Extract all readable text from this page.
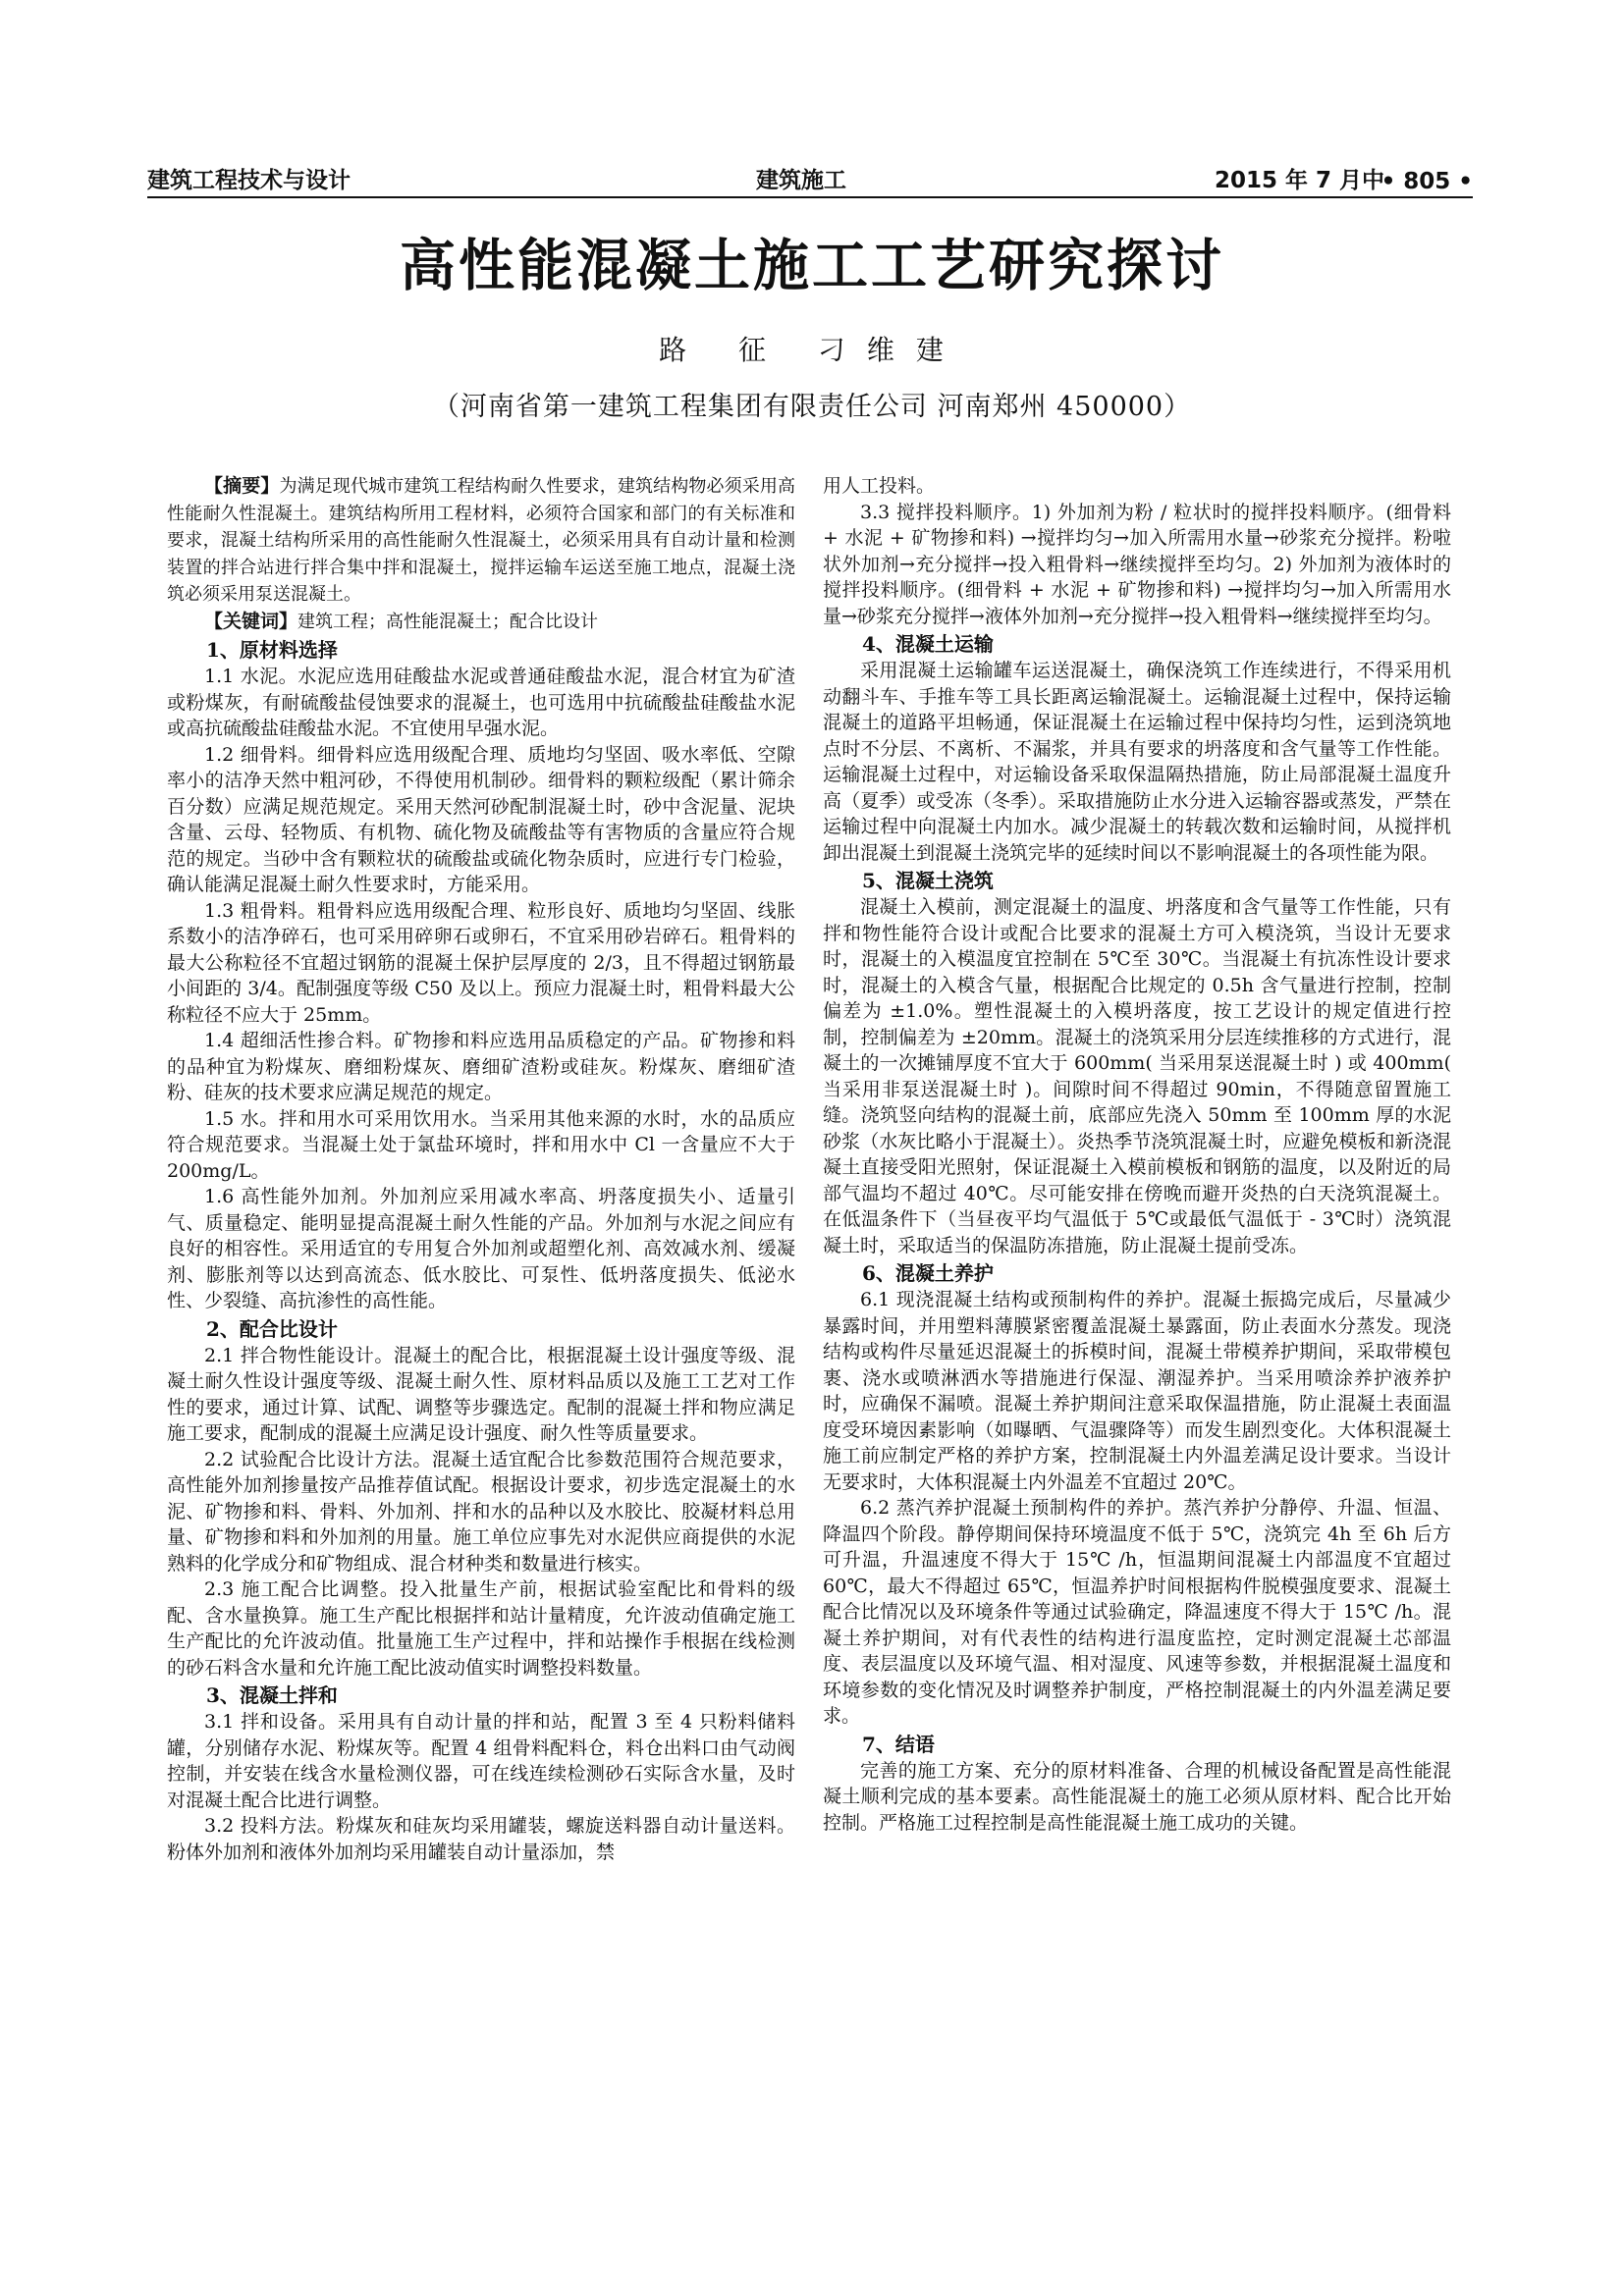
建筑工程技术与设计	建筑施工	2015 年 7 月中
• 805 •
高性能混凝土施工工艺研究探讨

路 征 刁维建

（河南省第一建筑工程集团有限责任公司 河南郑州 450000）

【摘要】为满足现代城市建筑工程结构耐久性要求，建筑结构物必须采用高性能耐久性混凝土。建筑结构所用工程材料，必须符合国家和部门的有关标准和要求，混凝土结构所采用的高性能耐久性混凝土，必须采用具有自动计量和检测装置的拌合站进行拌合集中拌和混凝土，搅拌运输车运送至施工地点，混凝土浇筑必须采用泵送混凝土。

【关键词】建筑工程；高性能混凝土；配合比设计

1、原材料选择

1.1 水泥。水泥应选用硅酸盐水泥或普通硅酸盐水泥，混合材宜为矿渣或粉煤灰，有耐硫酸盐侵蚀要求的混凝土，也可选用中抗硫酸盐硅酸盐水泥或高抗硫酸盐硅酸盐水泥。不宜使用早强水泥。

1.2 细骨料。细骨料应选用级配合理、质地均匀坚固、吸水率低、空隙率小的洁净天然中粗河砂，不得使用机制砂。细骨料的颗粒级配（累计筛余百分数）应满足规范规定。采用天然河砂配制混凝土时，砂中含泥量、泥块含量、云母、轻物质、有机物、硫化物及硫酸盐等有害物质的含量应符合规范的规定。当砂中含有颗粒状的硫酸盐或硫化物杂质时，应进行专门检验，确认能满足混凝土耐久性要求时，方能采用。

1.3 粗骨料。粗骨料应选用级配合理、粒形良好、质地均匀坚固、线胀系数小的洁净碎石，也可采用碎卵石或卵石，不宜采用砂岩碎石。粗骨料的最大公称粒径不宜超过钢筋的混凝土保护层厚度的 2/3，且不得超过钢筋最小间距的 3/4。配制强度等级 C50 及以上。预应力混凝土时，粗骨料最大公称粒径不应大于 25mm。

1.4 超细活性掺合料。矿物掺和料应选用品质稳定的产品。矿物掺和料的品种宜为粉煤灰、磨细粉煤灰、磨细矿渣粉或硅灰。粉煤灰、磨细矿渣粉、硅灰的技术要求应满足规范的规定。

1.5 水。拌和用水可采用饮用水。当采用其他来源的水时，水的品质应符合规范要求。当混凝土处于氯盐环境时，拌和用水中 Cl 一含量应不大于 200mg/L。

1.6 高性能外加剂。外加剂应采用减水率高、坍落度损失小、适量引气、质量稳定、能明显提高混凝土耐久性能的产品。外加剂与水泥之间应有良好的相容性。采用适宜的专用复合外加剂或超塑化剂、高效减水剂、缓凝剂、膨胀剂等以达到高流态、低水胶比、可泵性、低坍落度损失、低泌水性、少裂缝、高抗渗性的高性能。

2、配合比设计

2.1 拌合物性能设计。混凝土的配合比，根据混凝土设计强度等级、混凝土耐久性设计强度等级、混凝土耐久性、原材料品质以及施工工艺对工作性的要求，通过计算、试配、调整等步骤选定。配制的混凝土拌和物应满足施工要求，配制成的混凝土应满足设计强度、耐久性等质量要求。

2.2 试验配合比设计方法。混凝土适宜配合比参数范围符合规范要求，高性能外加剂掺量按产品推荐值试配。根据设计要求，初步选定混凝土的水泥、矿物掺和料、骨料、外加剂、拌和水的品种以及水胶比、胶凝材料总用量、矿物掺和料和外加剂的用量。施工单位应事先对水泥供应商提供的水泥熟料的化学成分和矿物组成、混合材种类和数量进行核实。

2.3 施工配合比调整。投入批量生产前，根据试验室配比和骨料的级配、含水量换算。施工生产配比根据拌和站计量精度，允许波动值确定施工生产配比的允许波动值。批量施工生产过程中，拌和站操作手根据在线检测的砂石料含水量和允许施工配比波动值实时调整投料数量。

3、混凝土拌和

3.1 拌和设备。采用具有自动计量的拌和站，配置 3 至 4 只粉料储料罐，分别储存水泥、粉煤灰等。配置 4 组骨料配料仓，料仓出料口由气动阀控制，并安装在线含水量检测仪器，可在线连续检测砂石实际含水量，及时对混凝土配合比进行调整。

3.2 投料方法。粉煤灰和硅灰均采用罐装，螺旋送料器自动计量送料。粉体外加剂和液体外加剂均采用罐装自动计量添加，禁

用人工投料。

3.3 搅拌投料顺序。1) 外加剂为粉 / 粒状时的搅拌投料顺序。(细骨料 + 水泥 + 矿物掺和料) →搅拌均匀→加入所需用水量→砂浆充分搅拌。粉啦状外加剂→充分搅拌→投入粗骨料→继续搅拌至均匀。2) 外加剂为液体时的搅拌投料顺序。(细骨料 + 水泥 + 矿物掺和料) →搅拌均匀→加入所需用水量→砂浆充分搅拌→液体外加剂→充分搅拌→投入粗骨料→继续搅拌至均匀。

4、混凝土运输

采用混凝土运输罐车运送混凝土，确保浇筑工作连续进行，不得采用机动翻斗车、手推车等工具长距离运输混凝土。运输混凝土过程中，保持运输混凝土的道路平坦畅通，保证混凝土在运输过程中保持均匀性，运到浇筑地点时不分层、不离析、不漏浆，并具有要求的坍落度和含气量等工作性能。运输混凝土过程中，对运输设备采取保温隔热措施，防止局部混凝土温度升高（夏季）或受冻（冬季）。采取措施防止水分进入运输容器或蒸发，严禁在运输过程中向混凝土内加水。减少混凝土的转载次数和运输时间，从搅拌机卸出混凝土到混凝土浇筑完毕的延续时间以不影响混凝土的各项性能为限。

5、混凝土浇筑

混凝土入模前，测定混凝土的温度、坍落度和含气量等工作性能，只有拌和物性能符合设计或配合比要求的混凝土方可入模浇筑，当设计无要求时，混凝土的入模温度宜控制在 5℃至 30℃。当混凝土有抗冻性设计要求时，混凝土的入模含气量，根据配合比规定的 0.5h 含气量进行控制，控制偏差为 ±1.0%。塑性混凝土的入模坍落度，按工艺设计的规定值进行控制，控制偏差为 ±20mm。混凝土的浇筑采用分层连续推移的方式进行，混凝土的一次摊铺厚度不宜大于 600mm( 当采用泵送混凝土时 ) 或 400mm( 当采用非泵送混凝土时 )。间隙时间不得超过 90min，不得随意留置施工缝。浇筑竖向结构的混凝土前，底部应先浇入 50mm 至 100mm 厚的水泥砂浆（水灰比略小于混凝土）。炎热季节浇筑混凝土时，应避免模板和新浇混凝土直接受阳光照射，保证混凝土入模前模板和钢筋的温度，以及附近的局部气温均不超过 40℃。尽可能安排在傍晚而避开炎热的白天浇筑混凝土。在低温条件下（当昼夜平均气温低于 5℃或最低气温低于 - 3℃时）浇筑混凝土时，采取适当的保温防冻措施，防止混凝土提前受冻。

6、混凝土养护

6.1 现浇混凝土结构或预制构件的养护。混凝土振捣完成后，尽量减少暴露时间，并用塑料薄膜紧密覆盖混凝土暴露面，防止表面水分蒸发。现浇结构或构件尽量延迟混凝土的拆模时间，混凝土带模养护期间，采取带模包裹、浇水或喷淋洒水等措施进行保湿、潮湿养护。当采用喷涂养护液养护时，应确保不漏喷。混凝土养护期间注意采取保温措施，防止混凝土表面温度受环境因素影响（如曝晒、气温骤降等）而发生剧烈变化。大体积混凝土施工前应制定严格的养护方案，控制混凝土内外温差满足设计要求。当设计无要求时，大体积混凝土内外温差不宜超过 20℃。

6.2 蒸汽养护混凝土预制构件的养护。蒸汽养护分静停、升温、恒温、降温四个阶段。静停期间保持环境温度不低于 5℃，浇筑完 4h 至 6h 后方可升温，升温速度不得大于 15℃ /h，恒温期间混凝土内部温度不宜超过 60℃，最大不得超过 65℃，恒温养护时间根据构件脱模强度要求、混凝土配合比情况以及环境条件等通过试验确定，降温速度不得大于 15℃ /h。混凝土养护期间，对有代表性的结构进行温度监控，定时测定混凝土芯部温度、表层温度以及环境气温、相对湿度、风速等参数，并根据混凝土温度和环境参数的变化情况及时调整养护制度，严格控制混凝土的内外温差满足要求。

7、结语

完善的施工方案、充分的原材料准备、合理的机械设备配置是高性能混凝土顺利完成的基本要素。高性能混凝土的施工必须从原材料、配合比开始控制。严格施工过程控制是高性能混凝土施工成功的关键。
